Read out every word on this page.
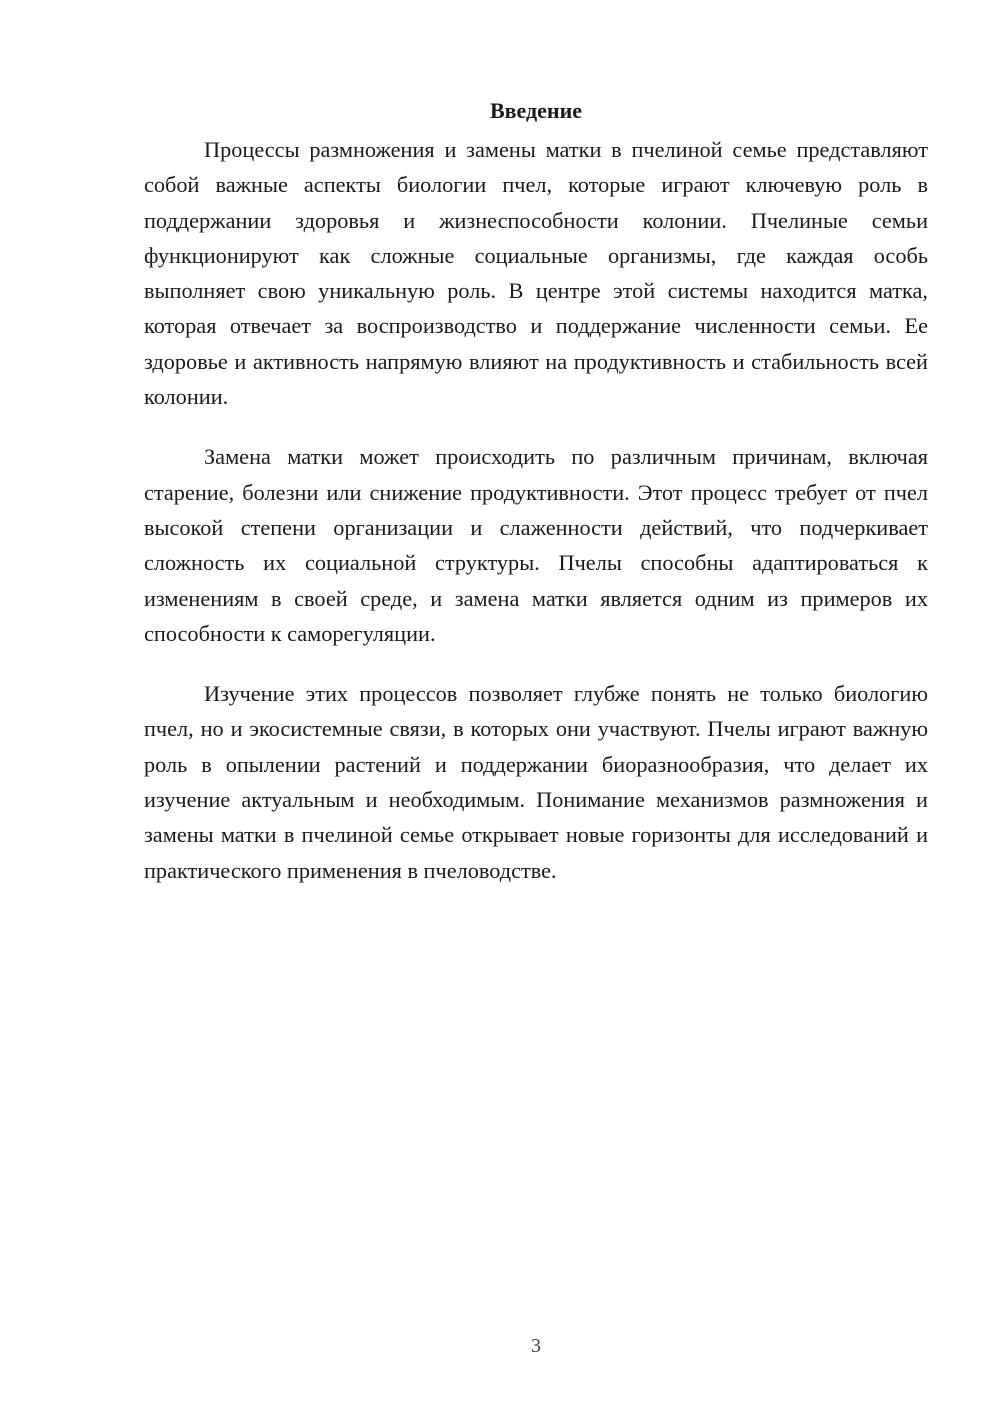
Введение

Процессы размножения и замены матки в пчелиной семье представляют собой важные аспекты биологии пчел, которые играют ключевую роль в поддержании здоровья и жизнеспособности колонии. Пчелиные семьи функционируют как сложные социальные организмы, где каждая особь выполняет свою уникальную роль. В центре этой системы находится матка, которая отвечает за воспроизводство и поддержание численности семьи. Ее здоровье и активность напрямую влияют на продуктивность и стабильность всей колонии.

Замена матки может происходить по различным причинам, включая старение, болезни или снижение продуктивности. Этот процесс требует от пчел высокой степени организации и слаженности действий, что подчеркивает сложность их социальной структуры. Пчелы способны адаптироваться к изменениям в своей среде, и замена матки является одним из примеров их способности к саморегуляции.

Изучение этих процессов позволяет глубже понять не только биологию пчел, но и экосистемные связи, в которых они участвуют. Пчелы играют важную роль в опылении растений и поддержании биоразнообразия, что делает их изучение актуальным и необходимым. Понимание механизмов размножения и замены матки в пчелиной семье открывает новые горизонты для исследований и практического применения в пчеловодстве.

3
